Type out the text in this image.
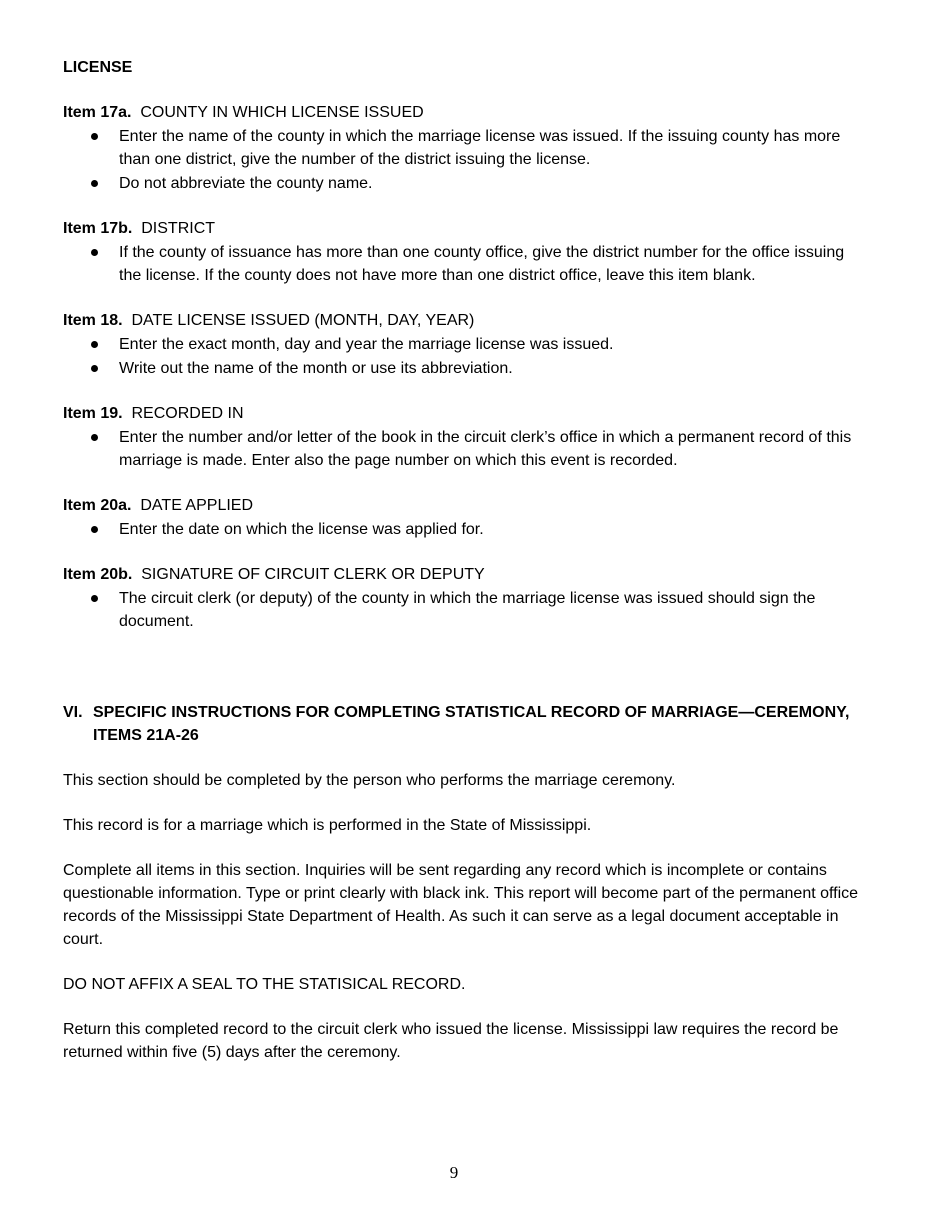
LICENSE
Item 17a. COUNTY IN WHICH LICENSE ISSUED
Enter the name of the county in which the marriage license was issued. If the issuing county has more than one district, give the number of the district issuing the license.
Do not abbreviate the county name.
Item 17b. DISTRICT
If the county of issuance has more than one county office, give the district number for the office issuing the license. If the county does not have more than one district office, leave this item blank.
Item 18. DATE LICENSE ISSUED (MONTH, DAY, YEAR)
Enter the exact month, day and year the marriage license was issued.
Write out the name of the month or use its abbreviation.
Item 19. RECORDED IN
Enter the number and/or letter of the book in the circuit clerk’s office in which a permanent record of this marriage is made. Enter also the page number on which this event is recorded.
Item 20a. DATE APPLIED
Enter the date on which the license was applied for.
Item 20b. SIGNATURE OF CIRCUIT CLERK OR DEPUTY
The circuit clerk (or deputy) of the county in which the marriage license was issued should sign the document.
VI. SPECIFIC INSTRUCTIONS FOR COMPLETING STATISTICAL RECORD OF MARRIAGE—CEREMONY, ITEMS 21A-26

This section should be completed by the person who performs the marriage ceremony.

This record is for a marriage which is performed in the State of Mississippi.

Complete all items in this section. Inquiries will be sent regarding any record which is incomplete or contains questionable information. Type or print clearly with black ink. This report will become part of the permanent office records of the Mississippi State Department of Health. As such it can serve as a legal document acceptable in court.

DO NOT AFFIX A SEAL TO THE STATISICAL RECORD.

Return this completed record to the circuit clerk who issued the license. Mississippi law requires the record be returned within five (5) days after the ceremony.

9
